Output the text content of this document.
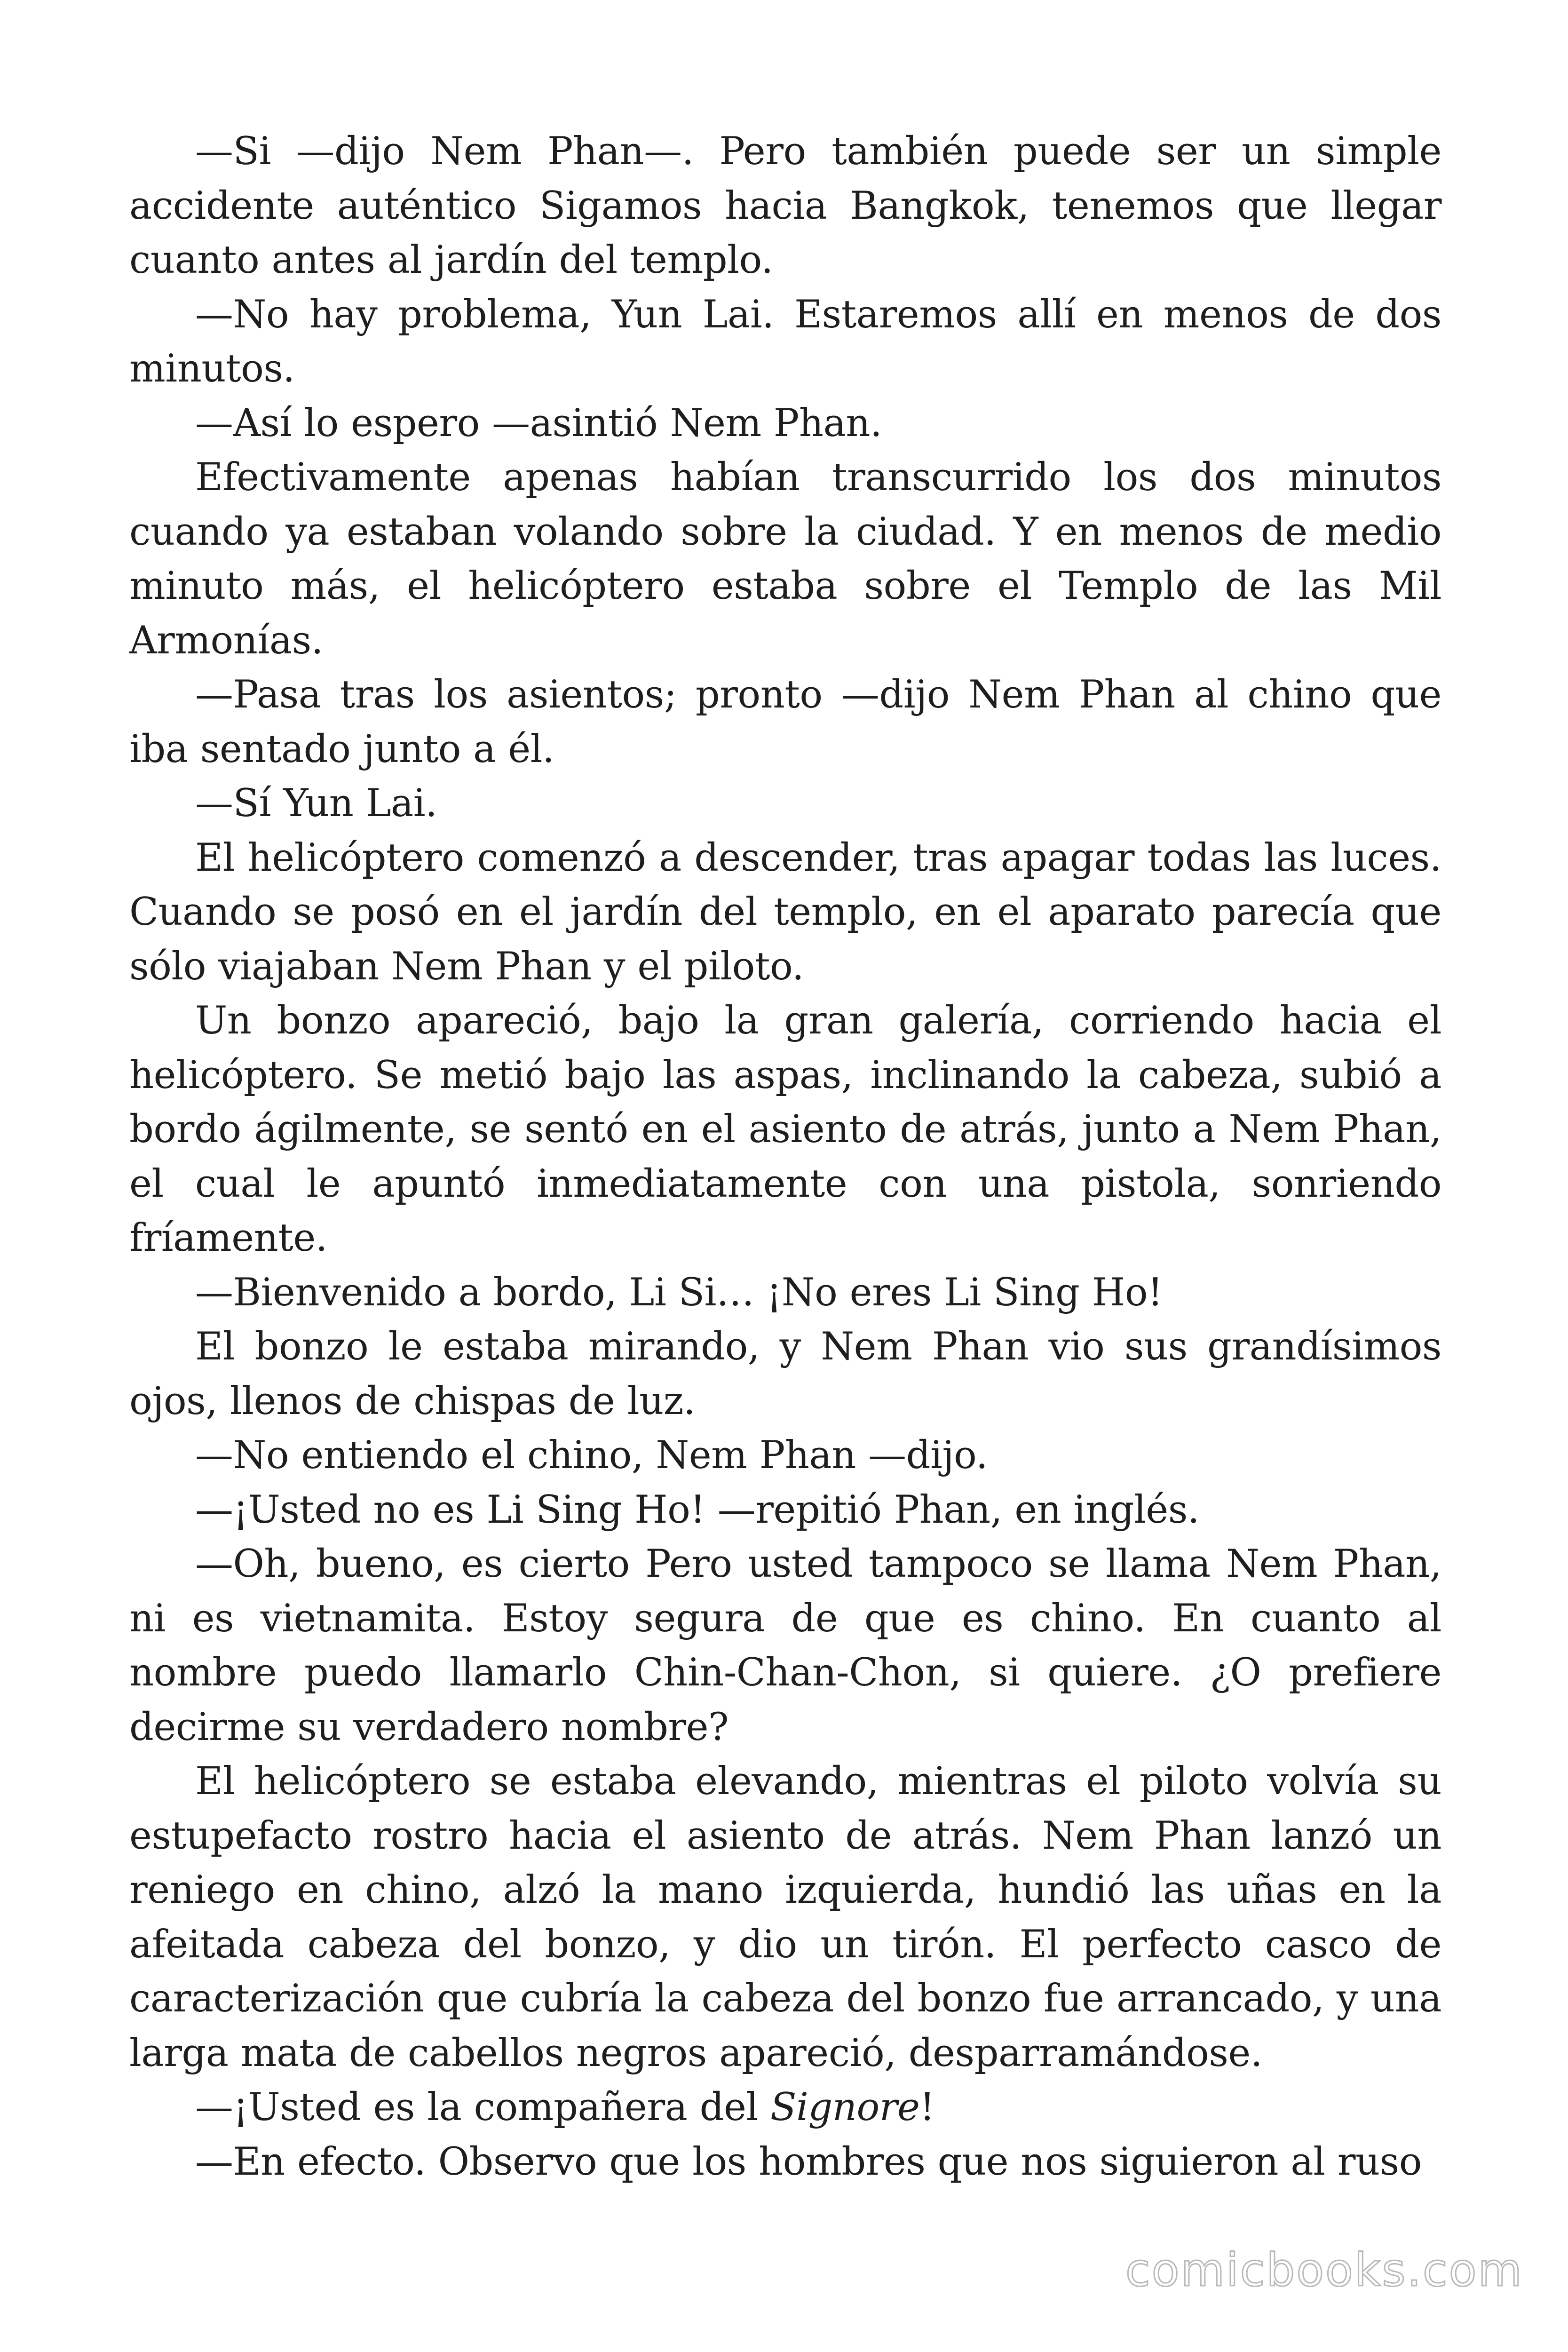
—Si —dijo Nem Phan—. Pero también puede ser un simple accidente auténtico Sigamos hacia Bangkok, tenemos que llegar cuanto antes al jardín del templo.

—No hay problema, Yun Lai. Estaremos allí en menos de dos minutos.

—Así lo espero —asintió Nem Phan.

Efectivamente apenas habían transcurrido los dos minutos cuando ya estaban volando sobre la ciudad. Y en menos de medio minuto más, el helicóptero estaba sobre el Templo de las Mil Armonías.

—Pasa tras los asientos; pronto —dijo Nem Phan al chino que iba sentado junto a él.

—Sí Yun Lai.

El helicóptero comenzó a descender, tras apagar todas las luces. Cuando se posó en el jardín del templo, en el aparato parecía que sólo viajaban Nem Phan y el piloto.

Un bonzo apareció, bajo la gran galería, corriendo hacia el helicóptero. Se metió bajo las aspas, inclinando la cabeza, subió a bordo ágilmente, se sentó en el asiento de atrás, junto a Nem Phan, el cual le apuntó inmediatamente con una pistola, sonriendo fríamente.

—Bienvenido a bordo, Li Si… ¡No eres Li Sing Ho!

El bonzo le estaba mirando, y Nem Phan vio sus grandísimos ojos, llenos de chispas de luz.

—No entiendo el chino, Nem Phan —dijo.

—¡Usted no es Li Sing Ho! —repitió Phan, en inglés.

—Oh, bueno, es cierto Pero usted tampoco se llama Nem Phan, ni es vietnamita. Estoy segura de que es chino. En cuanto al nombre puedo llamarlo Chin-Chan-Chon, si quiere. ¿O prefiere decirme su verdadero nombre?

El helicóptero se estaba elevando, mientras el piloto volvía su estupefacto rostro hacia el asiento de atrás. Nem Phan lanzó un reniego en chino, alzó la mano izquierda, hundió las uñas en la afeitada cabeza del bonzo, y dio un tirón. El perfecto casco de caracterización que cubría la cabeza del bonzo fue arrancado, y una larga mata de cabellos negros apareció, desparramándose.

—¡Usted es la compañera del Signore!

—En efecto. Observo que los hombres que nos siguieron al ruso

comicbooks.com
